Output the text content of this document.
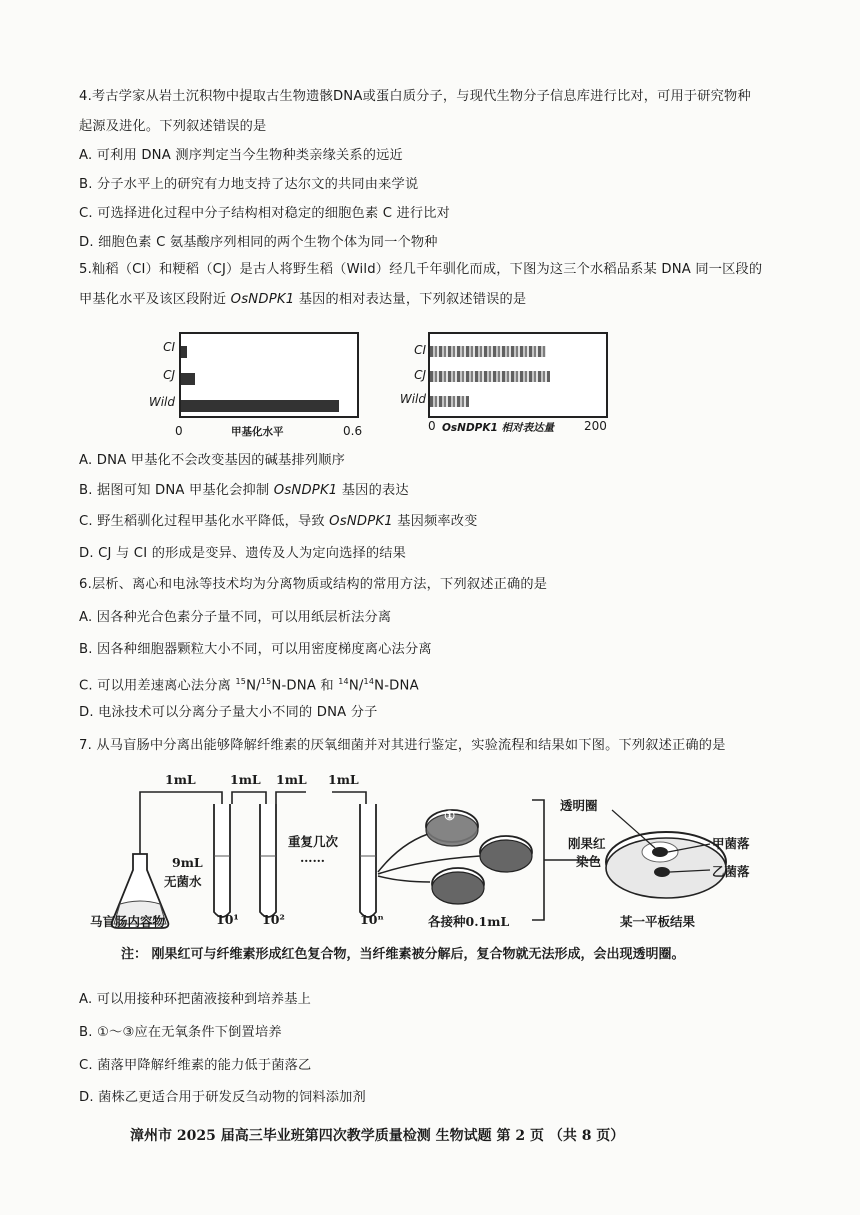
4.考古学家从岩土沉积物中提取古生物遗骸DNA或蛋白质分子，与现代生物分子信息库进行比对，可用于研究物种
起源及进化。下列叙述错误的是
A. 可利用 DNA 测序判定当今生物种类亲缘关系的远近
B. 分子水平上的研究有力地支持了达尔文的共同由来学说
C. 可选择进化过程中分子结构相对稳定的细胞色素 C 进行比对
D. 细胞色素 C 氨基酸序列相同的两个生物个体为同一个物种
5.籼稻（CI）和粳稻（CJ）是古人将野生稻（Wild）经几千年驯化而成，下图为这三个水稻品系某 DNA 同一区段的
甲基化水平及该区段附近 OsNDPK1 基因的相对表达量，下列叙述错误的是
CI
CJ
Wild
0	甲基化水平	0.6
CI
CJ
Wild
0 OsNDPK1 相对表达量	200
A. DNA 甲基化不会改变基因的碱基排列顺序
B. 据图可知 DNA 甲基化会抑制 OsNDPK1 基因的表达
C. 野生稻驯化过程甲基化水平降低，导致 OsNDPK1 基因频率改变
D. CJ 与 CI 的形成是变异、遗传及人为定向选择的结果
6.层析、离心和电泳等技术均为分离物质或结构的常用方法，下列叙述正确的是
A. 因各种光合色素分子量不同，可以用纸层析法分离
B. 因各种细胞器颗粒大小不同，可以用密度梯度离心法分离
C. 可以用差速离心法分离 $^{15}$N/$^{15}$N-DNA 和 $^{14}$N/$^{14}$N-DNA
D. 电泳技术可以分离分子量大小不同的 DNA 分子
7. 从马盲肠中分离出能够降解纤维素的厌氧细菌并对其进行鉴定，实验流程和结果如下图。下列叙述正确的是
1mL	1mL 1mL 1mL
9mL
无菌水
马盲肠内容物	10¹ 10²	10ⁿ
重复几次
……
各接种0.1mL
①
刚果红
染色
透明圈
甲菌落
乙菌落
某一平板结果
注： 刚果红可与纤维素形成红色复合物，当纤维素被分解后，复合物就无法形成，会出现透明圈。
A. 可以用接种环把菌液接种到培养基上
B. ①～③应在无氧条件下倒置培养
C. 菌落甲降解纤维素的能力低于菌落乙
D. 菌株乙更适合用于研发反刍动物的饲料添加剂
漳州市 2025 届高三毕业班第四次教学质量检测 生物试题 第 2 页 （共 8 页）
